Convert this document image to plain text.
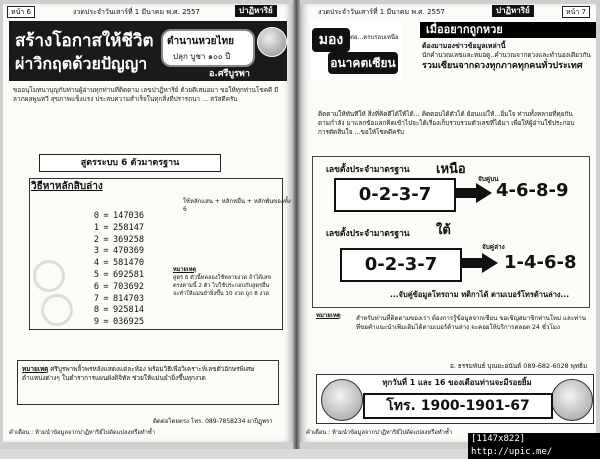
หน้า 6	งวดประจำวันเสาร์ที่ 1 มีนาคม พ.ศ. 2557	ปาฏิหาริย์
สร้างโอกาสให้ชีวิต
ผ่าวิกฤตด้วยปัญญา
ตำนานหวยไทย
ปลุก บูชา ๑๐๐ ปี
อ.ศรีบูรพา
ขออนุโมทนาบุญกับท่านผู้อ่านทุกท่านที่ติดตาม เลขปาฏิหาริย์ ด้วยดีเสมอมา ขอให้ทุกท่านโชคดี มีลาภผลพูนทวี สุขภาพแข็งแรง ประสบความสำเร็จในทุกสิ่งที่ปรารถนา ... สวัสดีครับ
สูตรระบบ 6 ตัวมาตรฐาน
วิธีหาหลักสิบล่าง
ใช้หลักแสน + หลักหมื่น + หลักพันของทั้ง 6
0 = 147036
1 = 258147
2 = 369258
3 = 470369
4 = 581470
5 = 692581
6 = 703692
7 = 814703
8 = 925814
9 = 036925
หมายเหตุ
สูตร 6 ตัวนี้ทดลองใช้หลายงวด ถ้าได้เลขตรงตามนี้ 2 ตัว ไปใช้ประกอบกับสูตรอื่น จะทำให้แม่นยำยิ่งขึ้น 10 งวด ถูก 8 งวด
หมายเหตุ ศรีบูรพาพลิ้วพรหลังแสดงแต่ละห้อง พร้อมวิธีเพื่อวิเคราะห์เลขตัวอักษรพิเศษตำแหน่งต่างๆ ในตำราการแผนผังดิจิทัล ช่วยให้แม่นยำยิ่งขึ้นทุกงวด
ติดต่อโดยตรง โทร. 089-7858234 ผาปีฏูพรา
คำเตือน : ห้ามนำข้อมูลจากปาฏิหาริย์ไปดัดแปลงหรือทำซ้ำ
งวดประจำวันเสาร์ที่ 1 มีนาคม พ.ศ. 2557	ปาฏิหาริย์	หน้า 7
มอง	ต่อ...ครบรอบเหนือ
อนาคตเซียน
เมื่ออยากถูกหวย
ต้องมามองข่าวข้อมูลเหล่านี้
นักคำนวณเลขและหมอดู..คำนวณจากดวงและทำนองเดียวกัน
รวมเซียนจากดวงทุกภาคทุกคนทั่วประเทศ
ติดตามให้ทันทีให้ สิ่งที่คิดดีได้ให้ได้... คิดตอบได้ตัวได้ ย้อนแม่ให้...อิ่มใจ ท่านทั้งหลายที่คุยกันตามกำลัง มาแลกข้อแลกคิดเข้าไปจะได้เรื่องเก็บรวบรวมตัวเลขที่ได้มา เพื่อให้ผู้อ่านใช้ประกอบการตัดสินใจ ...ขอให้โชคดีครับ
เลขตั้งประจำมาตรฐาน เหนือ
0-2-3-7
จับคู่บน
4-6-8-9
เลขตั้งประจำมาตรฐาน ใต้
0-2-3-7
จับคู่ล่าง
1-4-6-8
...จับคู่ข้อมูลโทรถาม ทดิกาได้ ตามเบอร์โทรด้านล่าง...
หมายเหตุ สำหรับท่านที่ติดตามของเรา ต้องการรู้ข้อมูลจากเซียน ขอเชิญสมาชิกท่านใหม่ และท่านที่ขอคำแนะนำเพิ่มเติมได้ตามเบอร์ด้านล่าง จะคอยให้บริการตลอด 24 ชั่วโมง
อ. ธรรมพันธ์ บุณยะอนันต์ 089-682-6028 พุทธิม
ทุกวันที่ 1 และ 16 ของเดือนท่านจะมีรอยยิ้ม
โทร. 1900-1901-67
คำเตือน : ห้ามนำข้อมูลจากปาฏิหาริย์ไปดัดแปลงหรือทำซ้ำ
[1147x822] http://upic.me/
